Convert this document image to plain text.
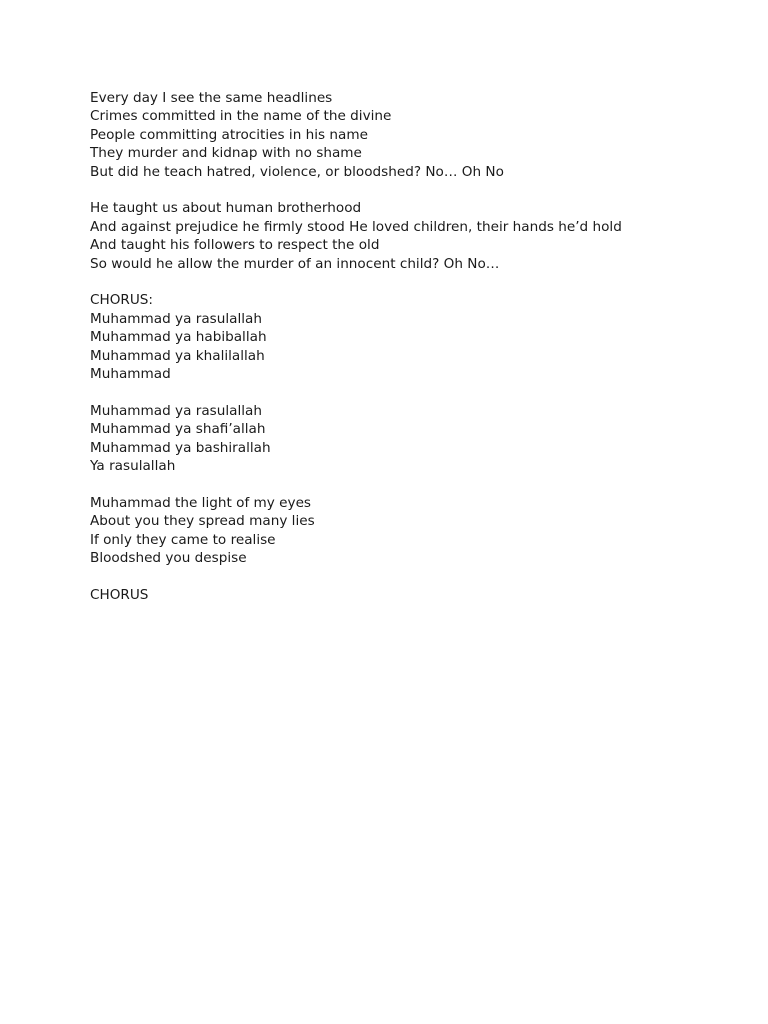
Every day I see the same headlines
Crimes committed in the name of the divine
People committing atrocities in his name
They murder and kidnap with no shame
But did he teach hatred, violence, or bloodshed? No… Oh No
He taught us about human brotherhood
And against prejudice he firmly stood He loved children, their hands he’d hold
And taught his followers to respect the old
So would he allow the murder of an innocent child? Oh No…
CHORUS:
Muhammad ya rasulallah
Muhammad ya habiballah
Muhammad ya khalilallah
Muhammad
Muhammad ya rasulallah
Muhammad ya shafi’allah
Muhammad ya bashirallah
Ya rasulallah
Muhammad the light of my eyes
About you they spread many lies
If only they came to realise
Bloodshed you despise
CHORUS
